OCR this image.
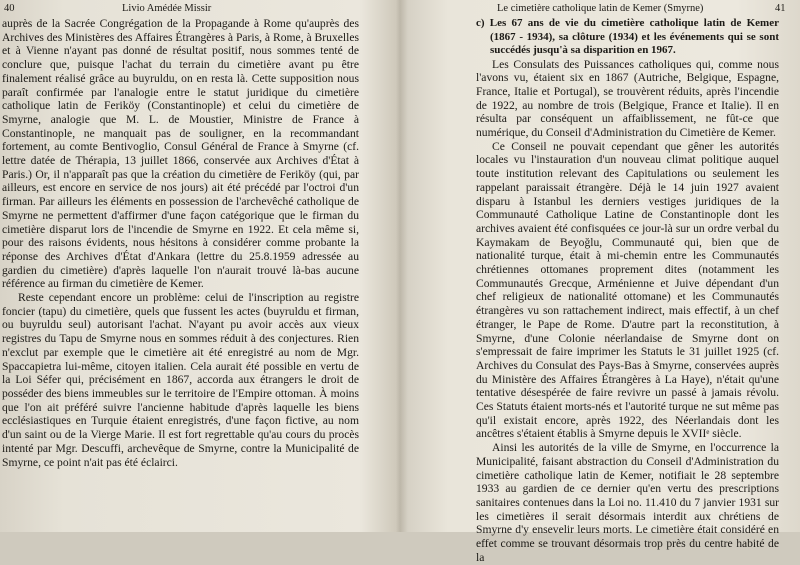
40	Livio Amédée Missir

auprès de la Sacrée Congrégation de la Propagande à Rome qu'auprès des Archives des Ministères des Affaires Étrangères à Paris, à Rome, à Bruxelles et à Vienne n'ayant pas donné de résultat positif, nous sommes tenté de conclure que, puisque l'achat du terrain du cimetière avant pu être finalement réalisé grâce au buyruldu, on en resta là. Cette supposition nous paraît confirmée par l'analogie entre le statut juridique du cimetière catholique latin de Feriköy (Constantinople) et celui du cimetière de Smyrne, analogie que M. L. de Moustier, Ministre de France à Constantinople, ne manquait pas de souligner, en la recommandant fortement, au comte Bentivoglio, Consul Général de France à Smyrne (cf. lettre datée de Thérapia, 13 juillet 1866, conservée aux Archives d'État à Paris.) Or, il n'apparaît pas que la création du cimetière de Feriköy (qui, par ailleurs, est encore en service de nos jours) ait été précédé par l'octroi d'un firman. Par ailleurs les éléments en possession de l'archevêché catholique de Smyrne ne permettent d'affirmer d'une façon catégorique que le firman du cimetière disparut lors de l'incendie de Smyrne en 1922. Et cela même si, pour des raisons évidents, nous hésitons à considérer comme probante la réponse des Archives d'État d'Ankara (lettre du 25.8.1959 adressée au gardien du cimetière) d'après laquelle l'on n'aurait trouvé là-bas aucune référence au firman du cimetière de Kemer.

Reste cependant encore un problème: celui de l'inscription au registre foncier (tapu) du cimetière, quels que fussent les actes (buyruldu et firman, ou buyruldu seul) autorisant l'achat. N'ayant pu avoir accès aux vieux registres du Tapu de Smyrne nous en sommes réduit à des conjectures. Rien n'exclut par exemple que le cimetière ait été enregistré au nom de Mgr. Spaccapietra lui-même, citoyen italien. Cela aurait été possible en vertu de la Loi Séfer qui, précisément en 1867, accorda aux étrangers le droit de posséder des biens immeubles sur le territoire de l'Empire ottoman. À moins que l'on ait préféré suivre l'ancienne habitude d'après laquelle les biens ecclésiastiques en Turquie étaient enregistrés, d'une façon fictive, au nom d'un saint ou de la Vierge Marie. Il est fort regrettable qu'au cours du procès intenté par Mgr. Descuffi, archevêque de Smyrne, contre la Municipalité de Smyrne, ce point n'ait pas été éclairci.

Le cimetière catholique latin de Kemer (Smyrne)	41
c) Les 67 ans de vie du cimetière catholique latin de Kemer (1867 - 1934), sa clôture (1934) et les événements qui se sont succédés jusqu'à sa disparition en 1967.

Les Consulats des Puissances catholiques qui, comme nous l'avons vu, étaient six en 1867 (Autriche, Belgique, Espagne, France, Italie et Portugal), se trouvèrent réduits, après l'incendie de 1922, au nombre de trois (Belgique, France et Italie). Il en résulta par conséquent un affaiblissement, ne fût-ce que numérique, du Conseil d'Administration du Cimetière de Kemer.

Ce Conseil ne pouvait cependant que gêner les autorités locales vu l'instauration d'un nouveau climat politique auquel toute institution relevant des Capitulations ou seulement les rappelant paraissait étrangère. Déjà le 14 juin 1927 avaient disparu à Istanbul les derniers vestiges juridiques de la Communauté Catholique Latine de Constantinople dont les archives avaient été confisquées ce jour-là sur un ordre verbal du Kaymakam de Beyoğlu, Communauté qui, bien que de nationalité turque, était à mi-chemin entre les Communautés chrétiennes ottomanes proprement dites (notamment les Communautés Grecque, Arménienne et Juive dépendant d'un chef religieux de nationalité ottomane) et les Communautés étrangères vu son rattachement indirect, mais effectif, à un chef étranger, le Pape de Rome. D'autre part la reconstitution, à Smyrne, d'une Colonie néerlandaise de Smyrne dont on s'empressait de faire imprimer les Statuts le 31 juillet 1925 (cf. Archives du Consulat des Pays-Bas à Smyrne, conservées auprès du Ministère des Affaires Étrangères à La Haye), n'était qu'une tentative désespérée de faire revivre un passé à jamais révolu. Ces Statuts étaient morts-nés et l'autorité turque ne sut même pas qu'il existait encore, après 1922, des Néerlandais dont les ancêtres s'étaient établis à Smyrne depuis le XVIIᵉ siècle.

Ainsi les autorités de la ville de Smyrne, en l'occurrence la Municipalité, faisant abstraction du Conseil d'Administration du cimetière catholique latin de Kemer, notifiait le 28 septembre 1933 au gardien de ce dernier qu'en vertu des prescriptions sanitaires contenues dans la Loi no. 11.410 du 7 janvier 1931 sur les cimetières il serait désormais interdit aux chrétiens de Smyrne d'y ensevelir leurs morts. Le cimetière était considéré en effet comme se trouvant désormais trop près du centre habité de la
